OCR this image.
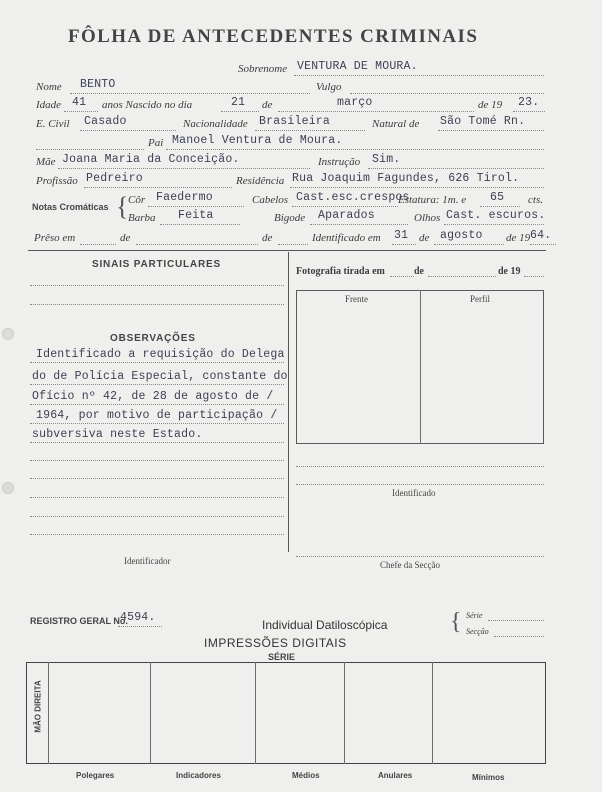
FÔLHA DE ANTECEDENTES CRIMINAIS
Sobrenome VENTURA DE MOURA.
Nome BENTO	Vulgo
Idade 41 anos Nascido no dia	21 de	março	de 19 23.
E. Civil Casado	Nacionalidade Brasileira	Natural de São Tomé Rn.
Pai Manoel Ventura de Moura.
Mãe Joana Maria da Conceição.	Instrução Sim.
Profissão Pedreiro	Residência Rua Joaquim Fagundes, 626 Tirol.
Notas Cromáticas { Côr Faedermo	Cabelos Cast.esc.crespos
Estatura: 1m. e 65 cts.
Barba Feita	Bigode Aparados	Olhos Cast. escuros.
Prêso em	de	de	Identificado em 31 de agosto de 19 64.
SINAIS PARTICULARES
OBSERVAÇÕES
Identificado a requisição do Delega
do de Polícia Especial, constante do
Ofício nº 42, de 28 de agosto de /
1964, por motivo de participação /
subversiva neste Estado.
Fotografia tirada em	de	de 19
Frente	Perfil
Identificado
Identificador	Chefe da Secção
REGISTRO GERAL No.
4594.
Individual Datiloscópica	{ Série
Secção
IMPRESSÕES DIGITAIS
SÉRIE
MÃO DIREITA
Polegares	Indicadores	Médios	Anulares	Mínimos
